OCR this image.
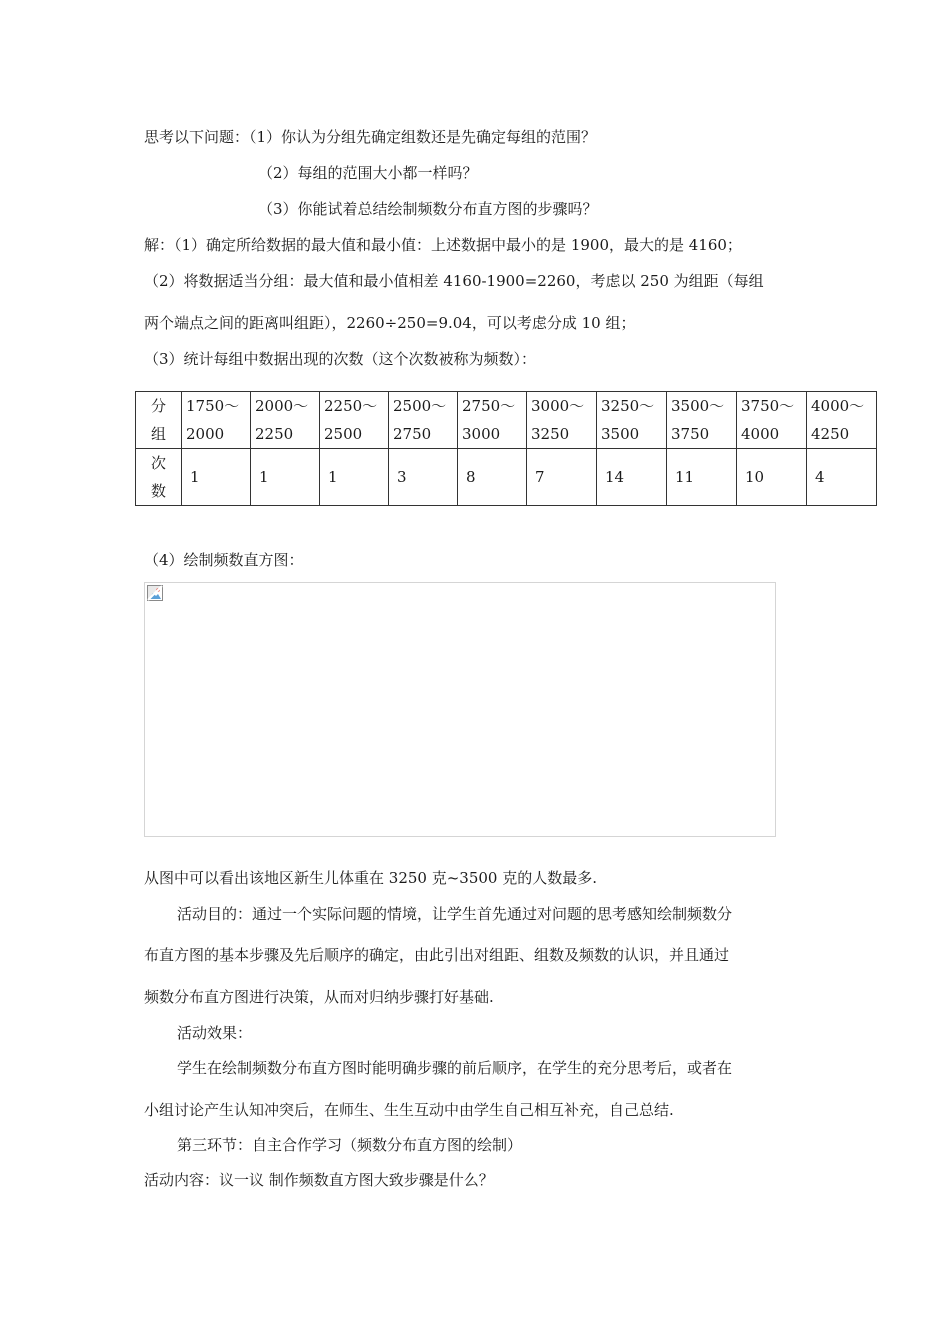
思考以下问题：（1）你认为分组先确定组数还是先确定每组的范围？
（2）每组的范围大小都一样吗？
（3）你能试着总结绘制频数分布直方图的步骤吗？
解：（1）确定所给数据的最大值和最小值：上述数据中最小的是 1900，最大的是 4160；
（2）将数据适当分组：最大值和最小值相差 4160-1900=2260，考虑以 250 为组距（每组
两个端点之间的距离叫组距），2260÷250=9.04，可以考虑分成 10 组；
（3）统计每组中数据出现的次数（这个次数被称为频数）：
分
组	1750～2000	2000～2250	2250～2500	2500～2750	2750～3000	3000～3250	3250～3500	3500～3750	3750～4000	4000～4250

次
数	1	1	1	3	8	7	14	11	10	4
（4）绘制频数直方图：
从图中可以看出该地区新生儿体重在 3250 克~3500 克的人数最多.
活动目的：通过一个实际问题的情境，让学生首先通过对问题的思考感知绘制频数分
布直方图的基本步骤及先后顺序的确定，由此引出对组距、组数及频数的认识，并且通过
频数分布直方图进行决策，从而对归纳步骤打好基础.
活动效果：
学生在绘制频数分布直方图时能明确步骤的前后顺序，在学生的充分思考后，或者在
小组讨论产生认知冲突后，在师生、生生互动中由学生自己相互补充，自己总结.
第三环节：自主合作学习（频数分布直方图的绘制）
活动内容：议一议 制作频数直方图大致步骤是什么？
